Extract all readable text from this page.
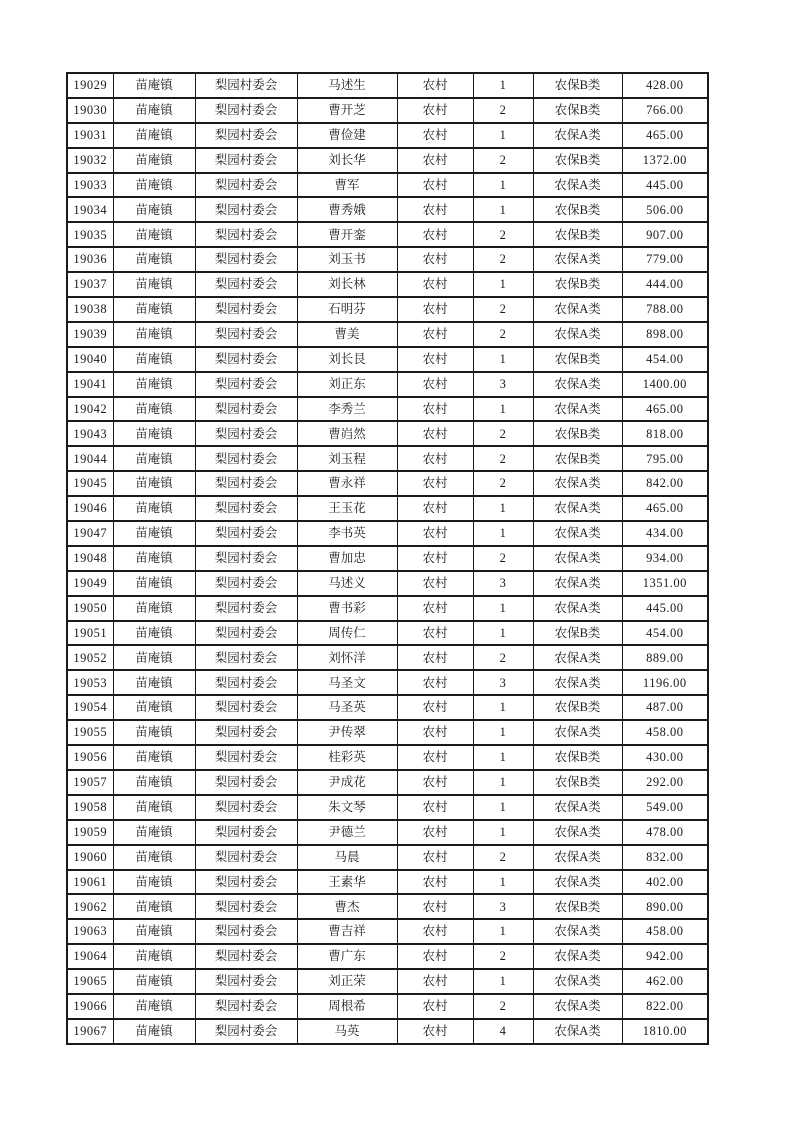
19029	苗庵镇	梨园村委会	马述生	农村	1	农保B类	428.00
19030	苗庵镇	梨园村委会	曹开芝	农村	2	农保B类	766.00
19031	苗庵镇	梨园村委会	曹俭建	农村	1	农保A类	465.00
19032	苗庵镇	梨园村委会	刘长华	农村	2	农保B类	1372.00
19033	苗庵镇	梨园村委会	曹军	农村	1	农保A类	445.00
19034	苗庵镇	梨园村委会	曹秀娥	农村	1	农保B类	506.00
19035	苗庵镇	梨园村委会	曹开銮	农村	2	农保B类	907.00
19036	苗庵镇	梨园村委会	刘玉书	农村	2	农保A类	779.00
19037	苗庵镇	梨园村委会	刘长林	农村	1	农保B类	444.00
19038	苗庵镇	梨园村委会	石明芬	农村	2	农保A类	788.00
19039	苗庵镇	梨园村委会	曹美	农村	2	农保A类	898.00
19040	苗庵镇	梨园村委会	刘长艮	农村	1	农保B类	454.00
19041	苗庵镇	梨园村委会	刘正东	农村	3	农保A类	1400.00
19042	苗庵镇	梨园村委会	李秀兰	农村	1	农保A类	465.00
19043	苗庵镇	梨园村委会	曹岿然	农村	2	农保B类	818.00
19044	苗庵镇	梨园村委会	刘玉程	农村	2	农保B类	795.00
19045	苗庵镇	梨园村委会	曹永祥	农村	2	农保A类	842.00
19046	苗庵镇	梨园村委会	王玉花	农村	1	农保A类	465.00
19047	苗庵镇	梨园村委会	李书英	农村	1	农保A类	434.00
19048	苗庵镇	梨园村委会	曹加忠	农村	2	农保A类	934.00
19049	苗庵镇	梨园村委会	马述义	农村	3	农保A类	1351.00
19050	苗庵镇	梨园村委会	曹书彩	农村	1	农保A类	445.00
19051	苗庵镇	梨园村委会	周传仁	农村	1	农保B类	454.00
19052	苗庵镇	梨园村委会	刘怀洋	农村	2	农保A类	889.00
19053	苗庵镇	梨园村委会	马圣文	农村	3	农保A类	1196.00
19054	苗庵镇	梨园村委会	马圣英	农村	1	农保B类	487.00
19055	苗庵镇	梨园村委会	尹传翠	农村	1	农保A类	458.00
19056	苗庵镇	梨园村委会	桂彩英	农村	1	农保B类	430.00
19057	苗庵镇	梨园村委会	尹成花	农村	1	农保B类	292.00
19058	苗庵镇	梨园村委会	朱文琴	农村	1	农保A类	549.00
19059	苗庵镇	梨园村委会	尹德兰	农村	1	农保A类	478.00
19060	苗庵镇	梨园村委会	马晨	农村	2	农保A类	832.00
19061	苗庵镇	梨园村委会	王素华	农村	1	农保A类	402.00
19062	苗庵镇	梨园村委会	曹杰	农村	3	农保B类	890.00
19063	苗庵镇	梨园村委会	曹吉祥	农村	1	农保A类	458.00
19064	苗庵镇	梨园村委会	曹广东	农村	2	农保A类	942.00
19065	苗庵镇	梨园村委会	刘正荣	农村	1	农保A类	462.00
19066	苗庵镇	梨园村委会	周根希	农村	2	农保A类	822.00
19067	苗庵镇	梨园村委会	马英	农村	4	农保A类	1810.00
